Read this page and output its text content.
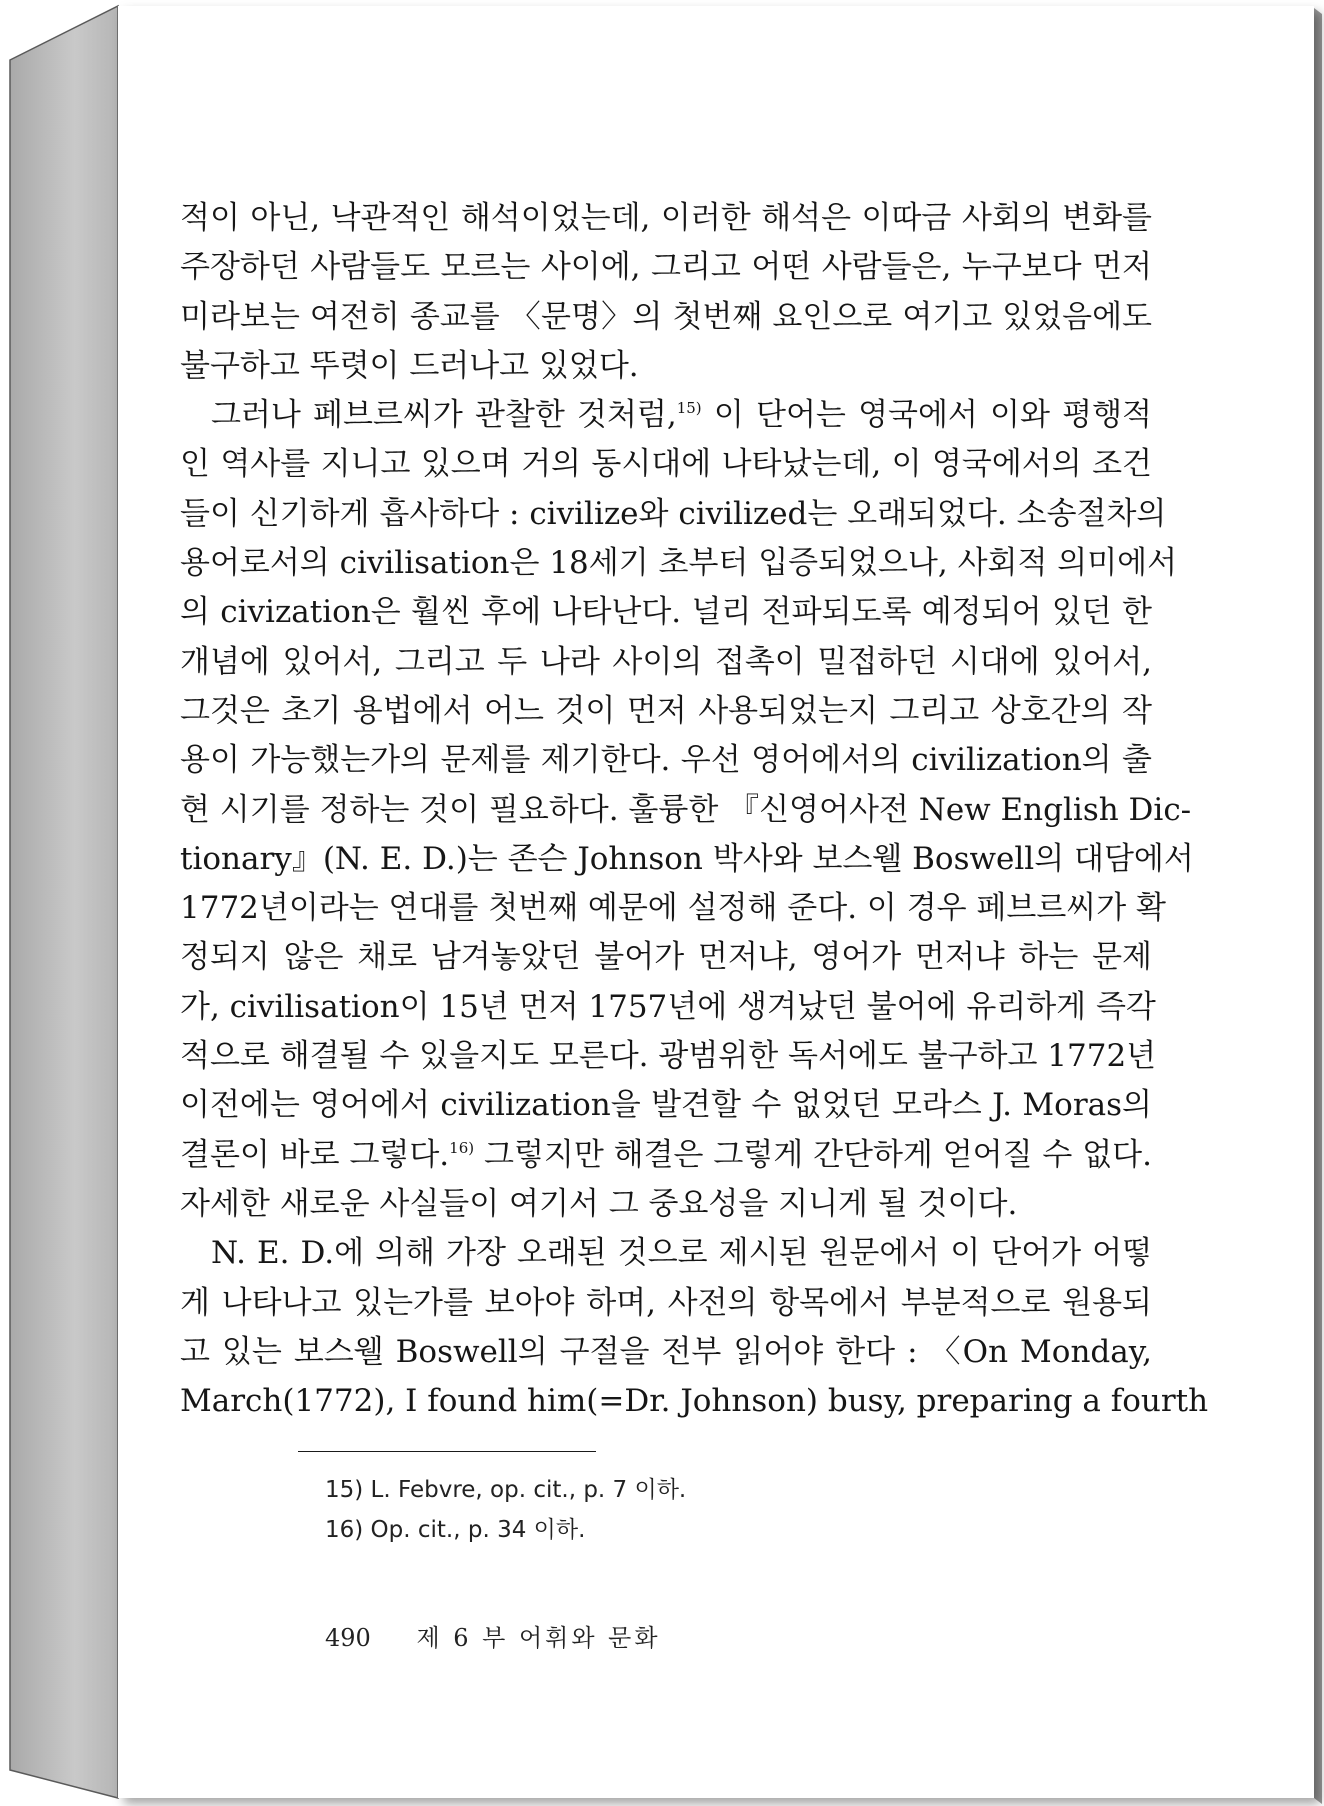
적이 아닌, 낙관적인 해석이었는데, 이러한 해석은 이따금 사회의 변화를
주장하던 사람들도 모르는 사이에, 그리고 어떤 사람들은, 누구보다 먼저
미라보는 여전히 종교를 〈문명〉의 첫번째 요인으로 여기고 있었음에도
불구하고 뚜렷이 드러나고 있었다.
그러나 페브르씨가 관찰한 것처럼,$^{15)}$ 이 단어는 영국에서 이와 평행적
인 역사를 지니고 있으며 거의 동시대에 나타났는데, 이 영국에서의 조건
들이 신기하게 흡사하다 : civilize와 civilized는 오래되었다. 소송절차의
용어로서의 civilisation은 18세기 초부터 입증되었으나, 사회적 의미에서
의 civization은 훨씬 후에 나타난다. 널리 전파되도록 예정되어 있던 한
개념에 있어서, 그리고 두 나라 사이의 접촉이 밀접하던 시대에 있어서,
그것은 초기 용법에서 어느 것이 먼저 사용되었는지 그리고 상호간의 작
용이 가능했는가의 문제를 제기한다. 우선 영어에서의 civilization의 출
현 시기를 정하는 것이 필요하다. 훌륭한 『신영어사전 New English Dic-
tionary』(N. E. D.)는 존슨 Johnson 박사와 보스웰 Boswell의 대담에서
1772년이라는 연대를 첫번째 예문에 설정해 준다. 이 경우 페브르씨가 확
정되지 않은 채로 남겨놓았던 불어가 먼저냐, 영어가 먼저냐 하는 문제
가, civilisation이 15년 먼저 1757년에 생겨났던 불어에 유리하게 즉각
적으로 해결될 수 있을지도 모른다. 광범위한 독서에도 불구하고 1772년
이전에는 영어에서 civilization을 발견할 수 없었던 모라스 J. Moras의
결론이 바로 그렇다.$^{16)}$ 그렇지만 해결은 그렇게 간단하게 얻어질 수 없다.
자세한 새로운 사실들이 여기서 그 중요성을 지니게 될 것이다.
N. E. D.에 의해 가장 오래된 것으로 제시된 원문에서 이 단어가 어떻
게 나타나고 있는가를 보아야 하며, 사전의 항목에서 부분적으로 원용되
고 있는 보스웰 Boswell의 구절을 전부 읽어야 한다 : 〈On Monday,
March(1772), I found him(=Dr. Johnson) busy, preparing a fourth
15) L. Febvre, op. cit., p. 7 이하.
16) Op. cit., p. 34 이하.
490 제 6 부 어휘와 문화
